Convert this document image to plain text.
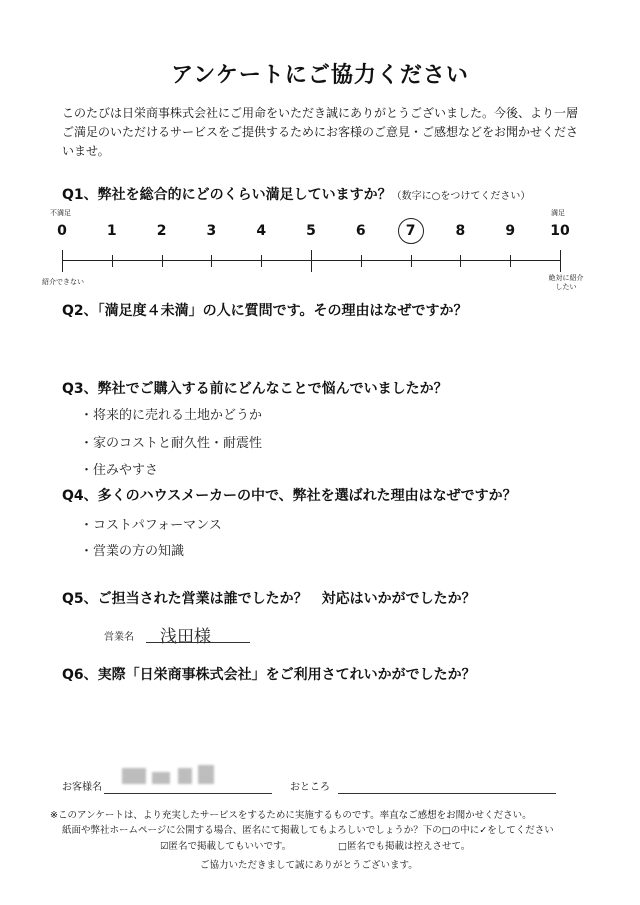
アンケートにご協力ください
このたびは日栄商事株式会社にご用命をいただき誠にありがとうございました。今後、より一層ご満足のいただけるサービスをご提供するためにお客様のご意見・ご感想などをお聞かせくださいませ。
Q1、弊社を総合的にどのくらい満足していますか？（数字に○をつけてください）
不満足	満足
0	1	2	3	4	5	6	7	8	9	10
紹介できない	絶対に紹介したい
Q2、「満足度４未満」の人に質問です。その理由はなぜですか？
Q3、弊社でご購入する前にどんなことで悩んでいましたか？
・将来的に売れる土地かどうか
・家のコストと耐久性・耐震性
・住みやすさ
Q4、多くのハウスメーカーの中で、弊社を選ばれた理由はなぜですか？
・コストパフォーマンス
・営業の方の知識
Q5、ご担当された営業は誰でしたか？　対応はいかがでしたか？
営業名 浅田様
Q6、実際「日栄商事株式会社」をご利用さてれいかがでしたか？
お客様名	おところ
※このアンケートは、より充実したサービスをするために実施するものです。率直なご感想をお聞かせください。
紙面や弊社ホームページに公開する場合、匿名にて掲載してもよろしいでしょうか？下の□の中に✓をしてください
☑匿名で掲載してもいいです。	□匿名でも掲載は控えさせて。
ご協力いただきまして誠にありがとうございます。
